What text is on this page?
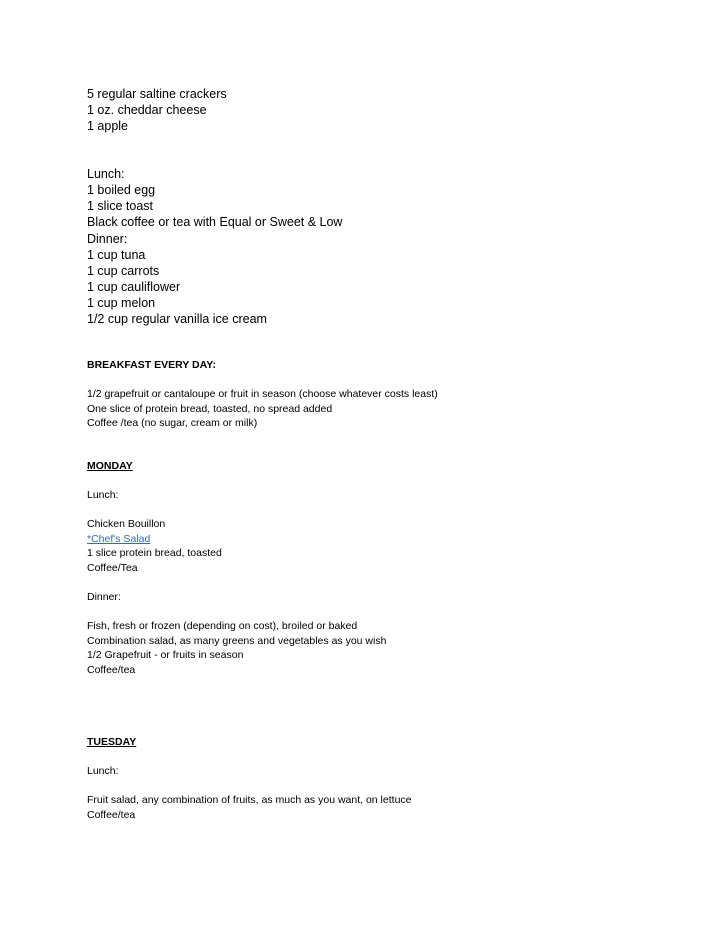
5 regular saltine crackers
1 oz. cheddar cheese
1 apple
Lunch:
1 boiled egg
1 slice toast
Black coffee or tea with Equal or Sweet & Low
Dinner:
1 cup tuna
1 cup carrots
1 cup cauliflower
1 cup melon
1/2 cup regular vanilla ice cream
BREAKFAST EVERY DAY:
1/2 grapefruit or cantaloupe or fruit in season (choose whatever costs least)
One slice of protein bread, toasted, no spread added
Coffee /tea (no sugar, cream or milk)
MONDAY
Lunch:
Chicken Bouillon
*Chef's Salad
1 slice protein bread, toasted
Coffee/Tea
Dinner:
Fish, fresh or frozen (depending on cost), broiled or baked
Combination salad, as many greens and vegetables as you wish
1/2 Grapefruit - or fruits in season
Coffee/tea
TUESDAY
Lunch:
Fruit salad, any combination of fruits, as much as you want, on lettuce
Coffee/tea
